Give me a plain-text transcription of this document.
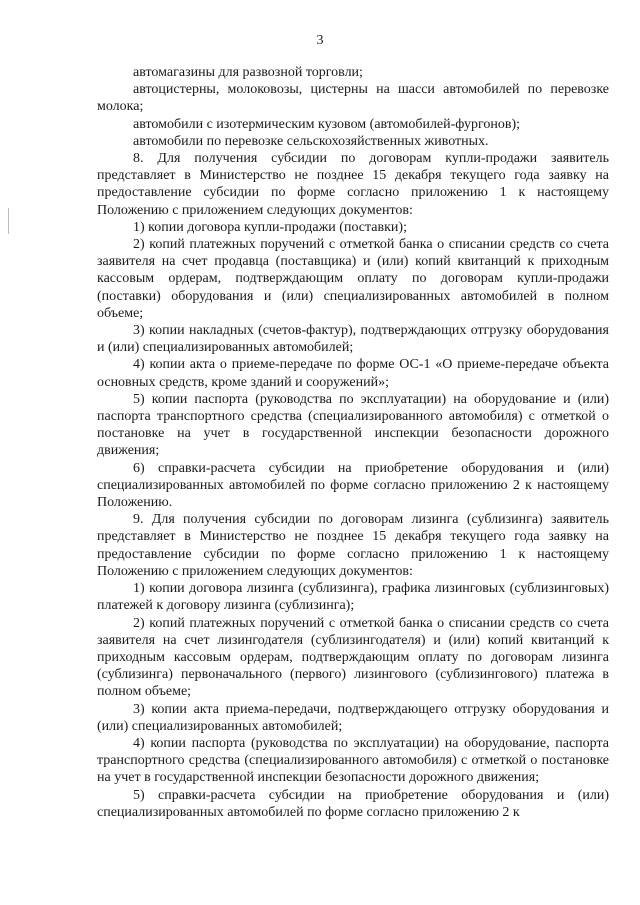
3

автомагазины для развозной торговли;

автоцистерны, молоковозы, цистерны на шасси автомобилей по перевозке молока;

автомобили с изотермическим кузовом (автомобилей-фургонов);

автомобили по перевозке сельскохозяйственных животных.

8. Для получения субсидии по договорам купли-продажи заявитель представляет в Министерство не позднее 15 декабря текущего года заявку на предоставление субсидии по форме согласно приложению 1 к настоящему Положению с приложением следующих документов:

1) копии договора купли-продажи (поставки);

2) копий платежных поручений с отметкой банка о списании средств со счета заявителя на счет продавца (поставщика) и (или) копий квитанций к приходным кассовым ордерам, подтверждающим оплату по договорам купли-продажи (поставки) оборудования и (или) специализированных автомобилей в полном объеме;

3) копии накладных (счетов-фактур), подтверждающих отгрузку оборудования и (или) специализированных автомобилей;

4) копии акта о приеме-передаче по форме ОС-1 «О приеме-передаче объекта основных средств, кроме зданий и сооружений»;

5) копии паспорта (руководства по эксплуатации) на оборудование и (или) паспорта транспортного средства (специализированного автомобиля) с отметкой о постановке на учет в государственной инспекции безопасности дорожного движения;

6) справки-расчета субсидии на приобретение оборудования и (или) специализированных автомобилей по форме согласно приложению 2 к настоящему Положению.

9. Для получения субсидии по договорам лизинга (сублизинга) заявитель представляет в Министерство не позднее 15 декабря текущего года заявку на предоставление субсидии по форме согласно приложению 1 к настоящему Положению с приложением следующих документов:

1) копии договора лизинга (сублизинга), графика лизинговых (сублизинговых) платежей к договору лизинга (сублизинга);

2) копий платежных поручений с отметкой банка о списании средств со счета заявителя на счет лизингодателя (сублизингодателя) и (или) копий квитанций к приходным кассовым ордерам, подтверждающим оплату по договорам лизинга (сублизинга) первоначального (первого) лизингового (сублизингового) платежа в полном объеме;

3) копии акта приема-передачи, подтверждающего отгрузку оборудования и (или) специализированных автомобилей;

4) копии паспорта (руководства по эксплуатации) на оборудование, паспорта транспортного средства (специализированного автомобиля) с отметкой о постановке на учет в государственной инспекции безопасности дорожного движения;

5) справки-расчета субсидии на приобретение оборудования и (или) специализированных автомобилей по форме согласно приложению 2 к
